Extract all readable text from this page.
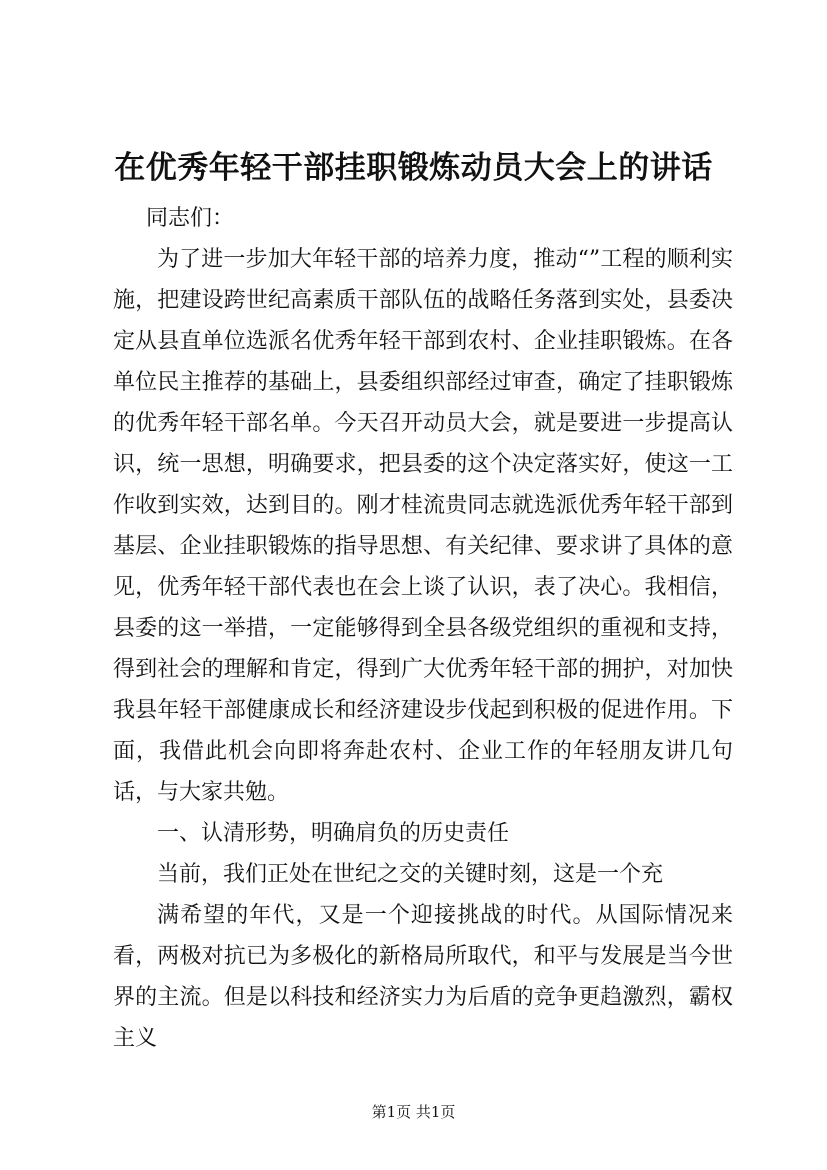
在优秀年轻干部挂职锻炼动员大会上的讲话

同志们：

为了进一步加大年轻干部的培养力度，推动“”工程的顺利实施，把建设跨世纪高素质干部队伍的战略任务落到实处，县委决定从县直单位选派名优秀年轻干部到农村、企业挂职锻炼。在各单位民主推荐的基础上，县委组织部经过审查，确定了挂职锻炼的优秀年轻干部名单。今天召开动员大会，就是要进一步提高认识，统一思想，明确要求，把县委的这个决定落实好，使这一工作收到实效，达到目的。刚才桂流贵同志就选派优秀年轻干部到基层、企业挂职锻炼的指导思想、有关纪律、要求讲了具体的意见，优秀年轻干部代表也在会上谈了认识，表了决心。我相信，县委的这一举措，一定能够得到全县各级党组织的重视和支持，得到社会的理解和肯定，得到广大优秀年轻干部的拥护，对加快我县年轻干部健康成长和经济建设步伐起到积极的促进作用。下面，我借此机会向即将奔赴农村、企业工作的年轻朋友讲几句话，与大家共勉。

一、认清形势，明确肩负的历史责任

当前，我们正处在世纪之交的关键时刻，这是一个充

满希望的年代，又是一个迎接挑战的时代。从国际情况来看，两极对抗已为多极化的新格局所取代，和平与发展是当今世界的主流。但是以科技和经济实力为后盾的竞争更趋激烈，霸权主义

第1页 共1页
